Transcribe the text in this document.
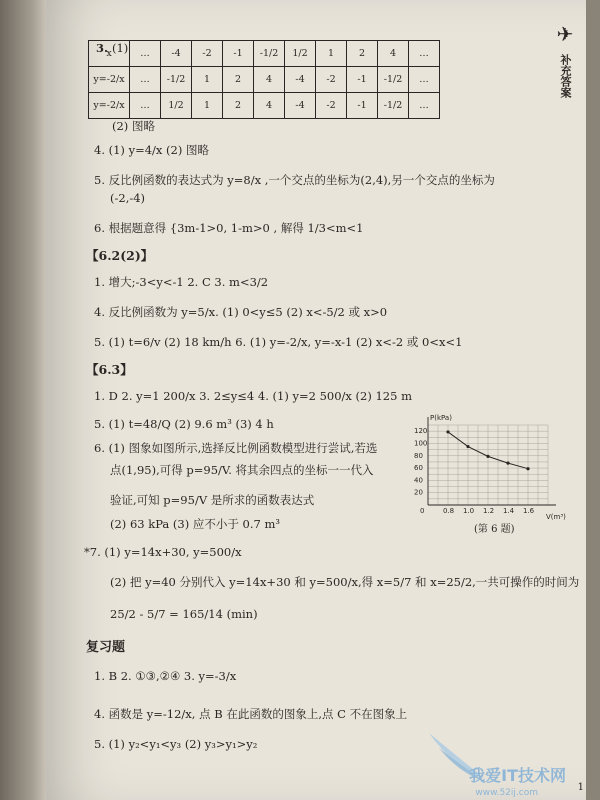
✈
补充答案
3. (1)
x	…	-4	-2	-1	-1/2	1/2	1	2	4	…
y=-2/x	…	-1/2	1	2	4	-4	-2	-1	-1/2	…
y=-2/x	…	1/2	1	2	4	-4	-2	-1	-1/2	…
(2) 图略
4. (1) y=4/x (2) 图略
5. 反比例函数的表达式为 y=8/x ,一个交点的坐标为(2,4),另一个交点的坐标为
(-2,-4)
6. 根据题意得 {3m-1>0, 1-m>0 , 解得 1/3<m<1
【6.2(2)】
1. 增大;-3<y<-1 2. C 3. m<3/2
4. 反比例函数为 y=5/x. (1) 0<y≤5 (2) x<-5/2 或 x>0
5. (1) t=6/v (2) 18 km/h 6. (1) y=-2/x, y=-x-1 (2) x<-2 或 0<x<1
【6.3】
1. D 2. y=1 200/x 3. 2≤y≤4 4. (1) y=2 500/x (2) 125 m
5. (1) t=48/Q (2) 9.6 m³ (3) 4 h
6. (1) 图象如图所示,选择反比例函数模型进行尝试,若选
点(1,95),可得 p=95/V. 将其余四点的坐标一一代入
验证,可知 p=95/V 是所求的函数表达式
(2) 63 kPa (3) 应不小于 0.7 m³
0.8 1.0 1.2 1.4 1.6
20
40
60
80
100
120
0
P(kPa)
V(m³)
(第 6 题)
*7. (1) y=14x+30, y=500/x
(2) 把 y=40 分别代入 y=14x+30 和 y=500/x,得 x=5/7 和 x=25/2,一共可操作的时间为
25/2 - 5/7 = 165/14 (min)
复习题
1. B 2. ①③,②④ 3. y=-3/x
4. 函数是 y=-12/x, 点 B 在此函数的图象上,点 C 不在图象上
5. (1) y₂<y₁<y₃ (2) y₃>y₁>y₂
我爱IT技术网
www.52ij.com	1
